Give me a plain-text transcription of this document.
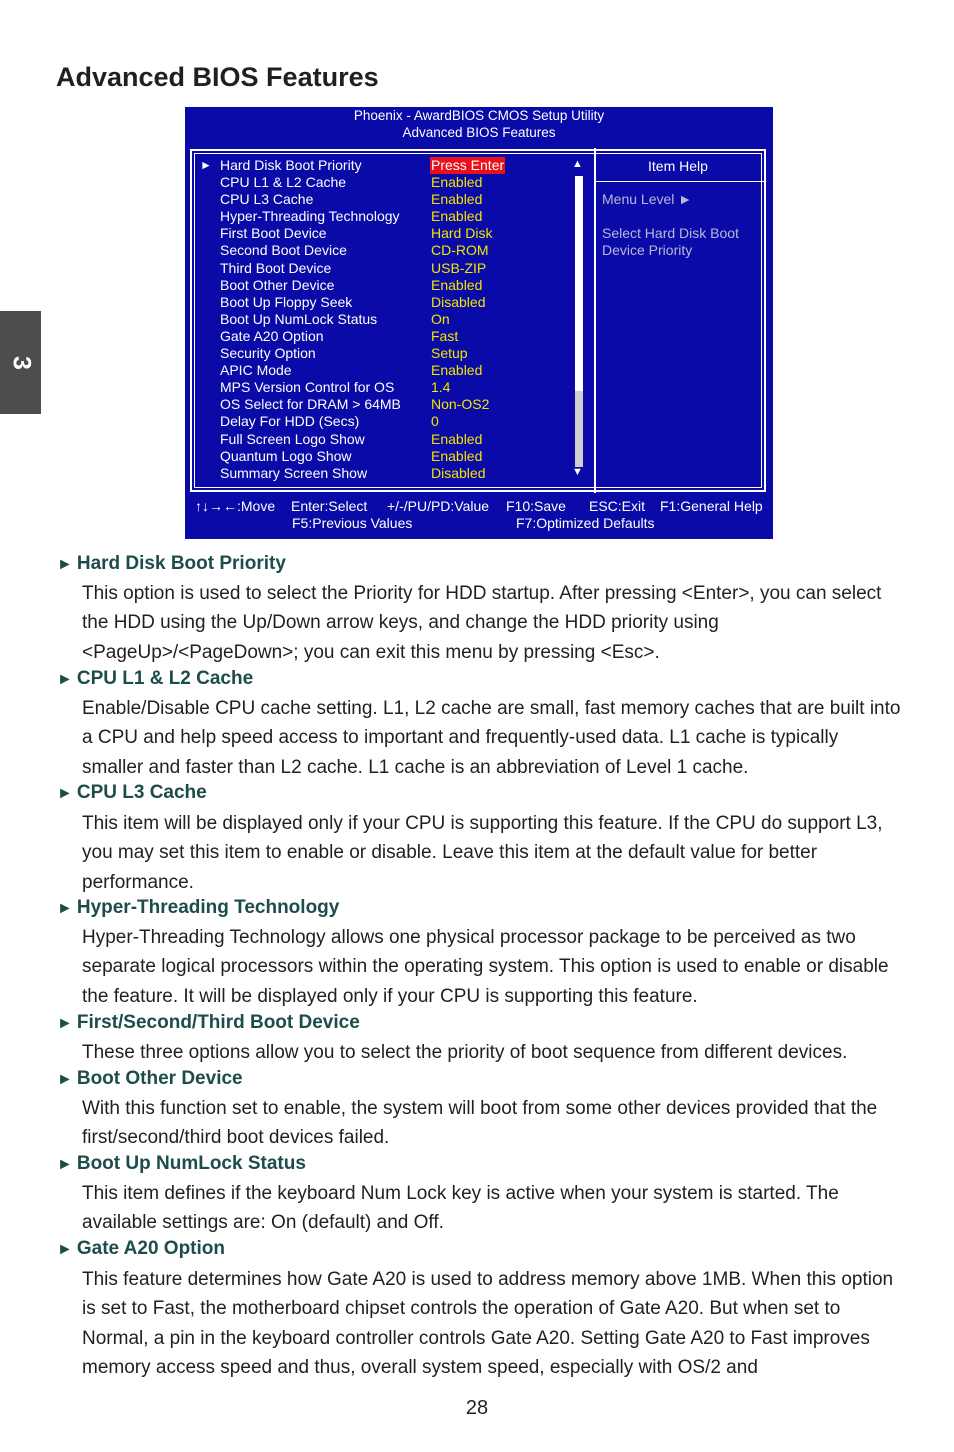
Advanced BIOS Features
3
Phoenix - AwardBIOS CMOS Setup Utility
Advanced BIOS Features
► Hard Disk Boot Priority	Press Enter
CPU L1 & L2 Cache	Enabled
CPU L3 Cache	Enabled
Hyper-Threading Technology Enabled
First Boot Device	Hard Disk
Second Boot Device	CD-ROM
Third Boot Device	USB-ZIP
Boot Other Device	Enabled
Boot Up Floppy Seek	Disabled
Boot Up NumLock Status	On
Gate A20 Option	Fast
Security Option	Setup
APIC Mode	Enabled
MPS Version Control for OS	1.4
OS Select for DRAM > 64MB Non-OS2
Delay For HDD (Secs)	0
Full Screen Logo Show	Enabled
Quantum Logo Show	Enabled
Summary Screen Show	Disabled
▲
▼
Item Help
Menu Level ►
Select Hard Disk Boot Device Priority
↑↓→←:Move Enter:Select +/-/PU/PD:Value F10:Save ESC:Exit F1:General Help
F5:Previous Values	F7:Optimized Defaults
► Hard Disk Boot Priority
This option is used to select the Priority for HDD startup. After pressing <Enter>, you can select the HDD using the Up/Down arrow keys, and change the HDD priority using <PageUp>/<PageDown>; you can exit this menu by pressing <Esc>.
► CPU L1 & L2 Cache
Enable/Disable CPU cache setting. L1, L2 cache are small, fast memory caches that are built into a CPU and help speed access to important and frequently-used data. L1 cache is typically smaller and faster than L2 cache. L1 cache is an abbreviation of Level 1 cache.
► CPU L3 Cache
This item will be displayed only if your CPU is supporting this feature. If the CPU do support L3, you may set this item to enable or disable. Leave this item at the default value for better performance.
► Hyper-Threading Technology
Hyper-Threading Technology allows one physical processor package to be perceived as two separate logical processors within the operating system. This option is used to enable or disable the feature. It will be displayed only if your CPU is supporting this feature.
► First/Second/Third Boot Device
These three options allow you to select the priority of boot sequence from different devices.
► Boot Other Device
With this function set to enable, the system will boot from some other devices provided that the first/second/third boot devices failed.
► Boot Up NumLock Status
This item defines if the keyboard Num Lock key is active when your system is started. The available settings are: On (default) and Off.
► Gate A20 Option
This feature determines how Gate A20 is used to address memory above 1MB. When this option is set to Fast, the motherboard chipset controls the operation of Gate A20. But when set to Normal, a pin in the keyboard controller controls Gate A20. Setting Gate A20 to Fast improves memory access speed and thus, overall system speed, especially with OS/2 and
28
